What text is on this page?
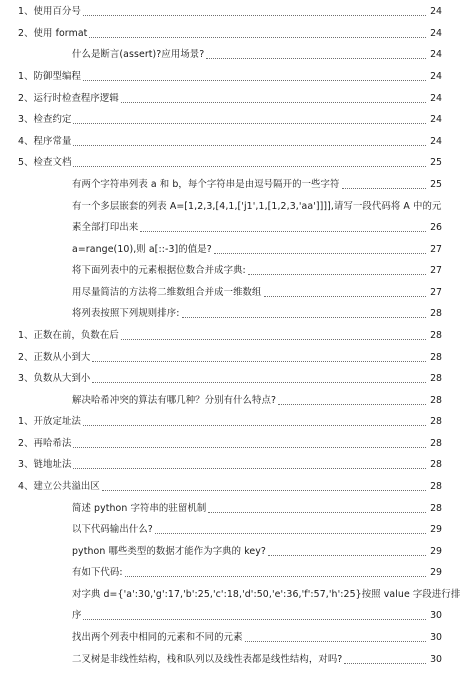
1、使用百分号	24
2、使用 format	24
什么是断言(assert)?应用场景?	24
1、防御型编程	24
2、运行时检查程序逻辑	24
3、检查约定	24
4、程序常量	24
5、检查文档	25
有两个字符串列表 a 和 b，每个字符串是由逗号隔开的一些字符	25
有一个多层嵌套的列表 A=[1,2,3,[4,1,['j1',1,[1,2,3,'aa']]]],请写一段代码将 A 中的元
素全部打印出来	26
a=range(10),则 a[::-3]的值是?	27
将下面列表中的元素根据位数合并成字典:	27
用尽量简洁的方法将二维数组合并成一维数组	27
将列表按照下列规则排序:	28
1、正数在前，负数在后	28
2、正数从小到大	28
3、负数从大到小	28
解决哈希冲突的算法有哪几种？分别有什么特点?	28
1、开放定址法	28
2、再哈希法	28
3、链地址法	28
4、建立公共溢出区	28
简述 python 字符串的驻留机制	28
以下代码输出什么?	29
python 哪些类型的数据才能作为字典的 key?	29
有如下代码:	29
对字典 d={'a':30,'g':17,'b':25,'c':18,'d':50,'e':36,'f':57,'h':25}按照 value 字段进行排
序	30
找出两个列表中相同的元素和不同的元素	30
二叉树是非线性结构，栈和队列以及线性表都是线性结构，对吗?	30
